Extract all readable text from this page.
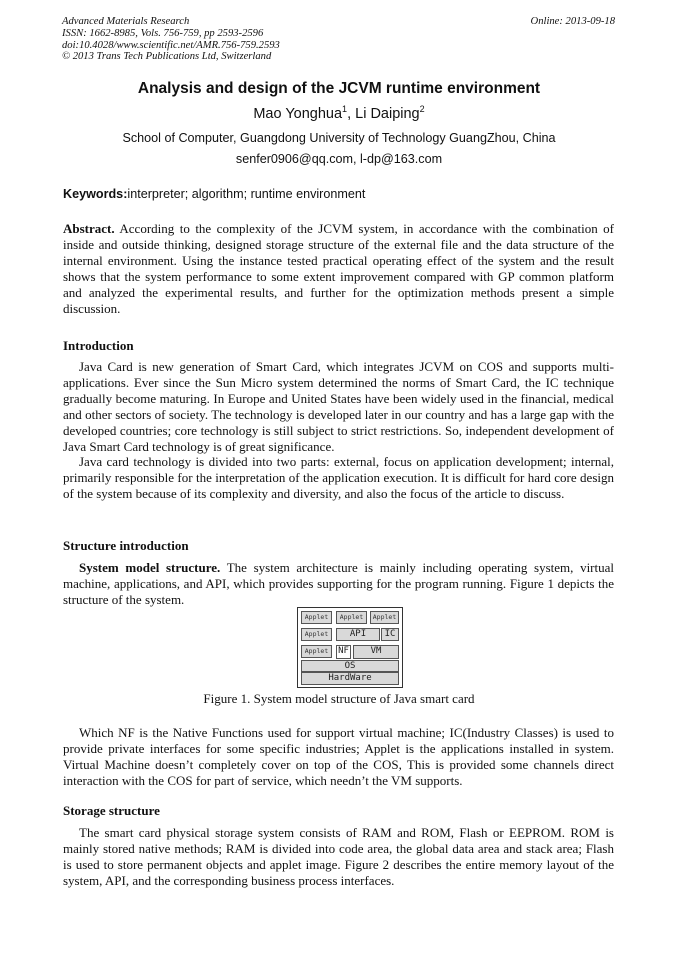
Advanced Materials Research
ISSN: 1662-8985, Vols. 756-759, pp 2593-2596
doi:10.4028/www.scientific.net/AMR.756-759.2593
© 2013 Trans Tech Publications Ltd, Switzerland
Online: 2013-09-18
Analysis and design of the JCVM runtime environment
Mao Yonghua$^1$, Li Daiping$^2$
School of Computer, Guangdong University of Technology GuangZhou, China
senfer0906@qq.com, l-dp@163.com
Keywords:interpreter; algorithm; runtime environment

Abstract. According to the complexity of the JCVM system, in accordance with the combination of inside and outside thinking, designed storage structure of the external file and the data structure of the internal environment. Using the instance tested practical operating effect of the system and the result shows that the system performance to some extent improvement compared with GP common platform and analyzed the experimental results, and further for the optimization methods present a simple discussion.

Introduction

Java Card is new generation of Smart Card, which integrates JCVM on COS and supports multi-applications. Ever since the Sun Micro system determined the norms of Smart Card, the IC technique gradually become maturing. In Europe and United States have been widely used in the financial, medical and other sectors of society. The technology is developed later in our country and has a large gap with the developed countries; core technology is still subject to strict restrictions. So, independent development of Java Smart Card technology is of great significance.

Java card technology is divided into two parts: external, focus on application development; internal, primarily responsible for the interpretation of the application execution. It is difficult for hard core design of the system because of its complexity and diversity, and also the focus of the article to discuss.

Structure introduction

System model structure. The system architecture is mainly including operating system, virtual machine, applications, and API, which provides supporting for the program running. Figure 1 depicts the structure of the system.

Applet	Applet	Applet
Applet	API	IC
Applet	NF	VM
OS
HardWare
Figure 1. System model structure of Java smart card

Which NF is the Native Functions used for support virtual machine; IC(Industry Classes) is used to provide private interfaces for some specific industries; Applet is the applications installed in system. Virtual Machine doesn’t completely cover on top of the COS, This is provided some channels direct interaction with the COS for part of service, which needn’t the VM supports.

Storage structure

The smart card physical storage system consists of RAM and ROM, Flash or EEPROM. ROM is mainly stored native methods; RAM is divided into code area, the global data area and stack area; Flash is used to store permanent objects and applet image. Figure 2 describes the entire memory layout of the system, API, and the corresponding business process interfaces.
